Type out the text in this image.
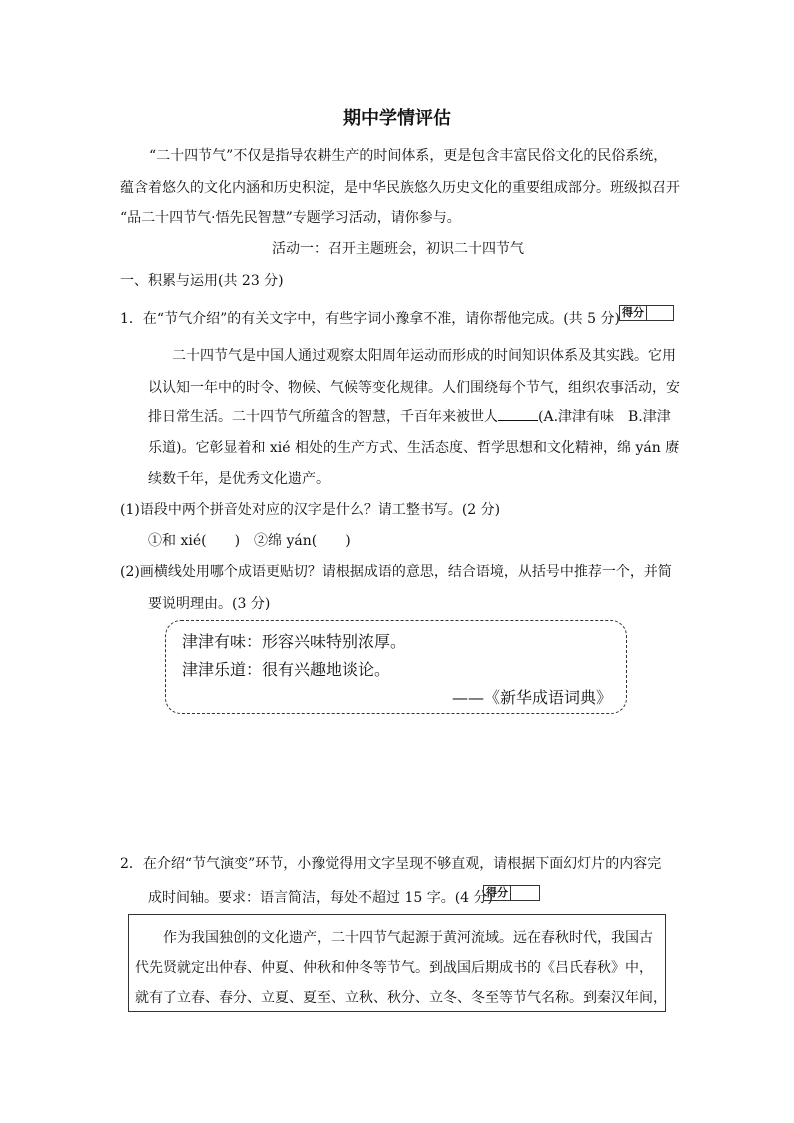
期中学情评估
“二十四节气”不仅是指导农耕生产的时间体系，更是包含丰富民俗文化的民俗系统，
蕴含着悠久的文化内涵和历史积淀，是中华民族悠久历史文化的重要组成部分。班级拟召开
“品二十四节气·悟先民智慧”专题学习活动，请你参与。
活动一：召开主题班会，初识二十四节气
一、积累与运用(共 23 分)
1．在“节气介绍”的有关文字中，有些字词小豫拿不准，请你帮他完成。(共 5 分) 得分
二十四节气是中国人通过观察太阳周年运动而形成的时间知识体系及其实践。它用
以认知一年中的时令、物候、气候等变化规律。人们围绕每个节气，组织农事活动，安
排日常生活。二十四节气所蕴含的智慧，千百年来被世人	(A.津津有味　B.津津
乐道)。它彰显着和 xié 相处的生产方式、生活态度、哲学思想和文化精神，绵 yán 赓
续数千年，是优秀文化遗产。
(1)语段中两个拼音处对应的汉字是什么？请工整书写。(2 分)
①和 xié(　　)　②绵 yán(　　)
(2)画横线处用哪个成语更贴切？请根据成语的意思，结合语境，从括号中推荐一个，并简
要说明理由。(3 分)
津津有味：形容兴味特别浓厚。
津津乐道：很有兴趣地谈论。
——《新华成语词典》
2．在介绍“节气演变”环节，小豫觉得用文字呈现不够直观，请根据下面幻灯片的内容完
成时间轴。要求：语言简洁，每处不超过 15 字。(4 分)
得分
作为我国独创的文化遗产，二十四节气起源于黄河流域。远在春秋时代，我国古
代先贤就定出仲春、仲夏、仲秋和仲冬等节气。到战国后期成书的《吕氏春秋》中，
就有了立春、春分、立夏、夏至、立秋、秋分、立冬、冬至等节气名称。到秦汉年间，
